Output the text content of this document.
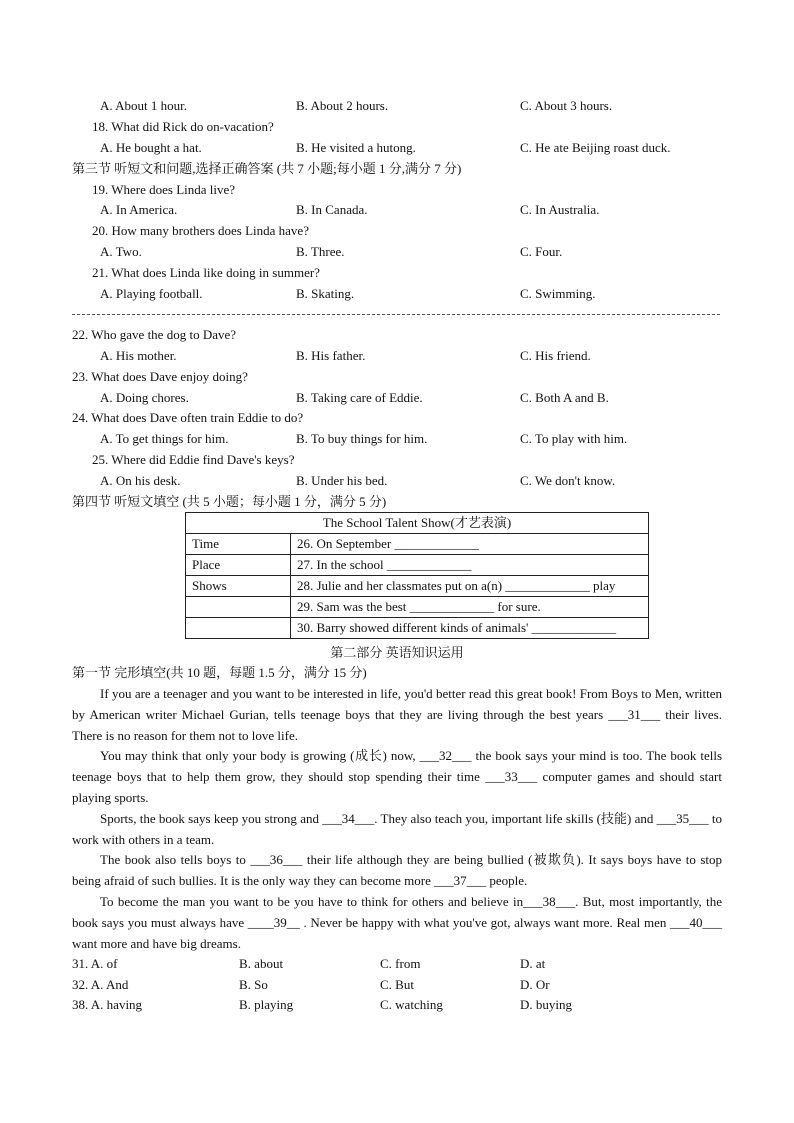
A. About 1 hour.	B. About 2 hours.	C. About 3 hours.
18. What did Rick do on-vacation?
A. He bought a hat.	B. He visited a hutong.	C. He ate Beijing roast duck.
第三节 听短文和问题,选择正确答案 (共 7 小题;每小题 1 分,满分 7 分)
19. Where does Linda live?
A. In America.	B. In Canada.	C. In Australia.
20. How many brothers does Linda have?
A. Two.	B. Three.	C. Four.
21. What does Linda like doing in summer?
A. Playing football.	B. Skating.	C. Swimming.
22. Who gave the dog to Dave?
A. His mother.	B. His father.	C. His friend.
23. What does Dave enjoy doing?
A. Doing chores.	B. Taking care of Eddie.	C. Both A and B.
24. What does Dave often train Eddie to do?
A. To get things for him.	B. To buy things for him.	C. To play with him.
25. Where did Eddie find Dave's keys?
A. On his desk.	B. Under his bed.	C. We don't know.
第四节 听短文填空 (共 5 小题；每小题 1 分，满分 5 分)
The School Talent Show(才艺表演)	
Time	26. On September _____________
Place	27. In the school _____________
Shows	28. Julie and her classmates put on a(n) _____________ play
	29. Sam was the best _____________ for sure.
	30. Barry showed different kinds of animals' _____________
第二部分 英语知识运用
第一节 完形填空(共 10 题，每题 1.5 分，满分 15 分)

If you are a teenager and you want to be interested in life, you'd better read this great book! From Boys to Men, written by American writer Michael Gurian, tells teenage boys that they are living through the best years ___31___ their lives. There is no reason for them not to love life.

You may think that only your body is growing (成长) now, ___32___ the book says your mind is too. The book tells teenage boys that to help them grow, they should stop spending their time ___33___ computer games and should start playing sports.

Sports, the book says keep you strong and ___34___. They also teach you, important life skills (技能) and ___35___ to work with others in a team.

The book also tells boys to ___36___ their life although they are being bullied (被欺负). It says boys have to stop being afraid of such bullies. It is the only way they can become more ___37___ people.

To become the man you want to be you have to think for others and believe in___38___. But, most importantly, the book says you must always have ____39__ . Never be happy with what you've got, always want more. Real men ___40___ want more and have big dreams.

31. A. of	B. about	C. from	D. at
32. A. And	B. So	C. But	D. Or
38. A. having	B. playing	C. watching	D. buying
